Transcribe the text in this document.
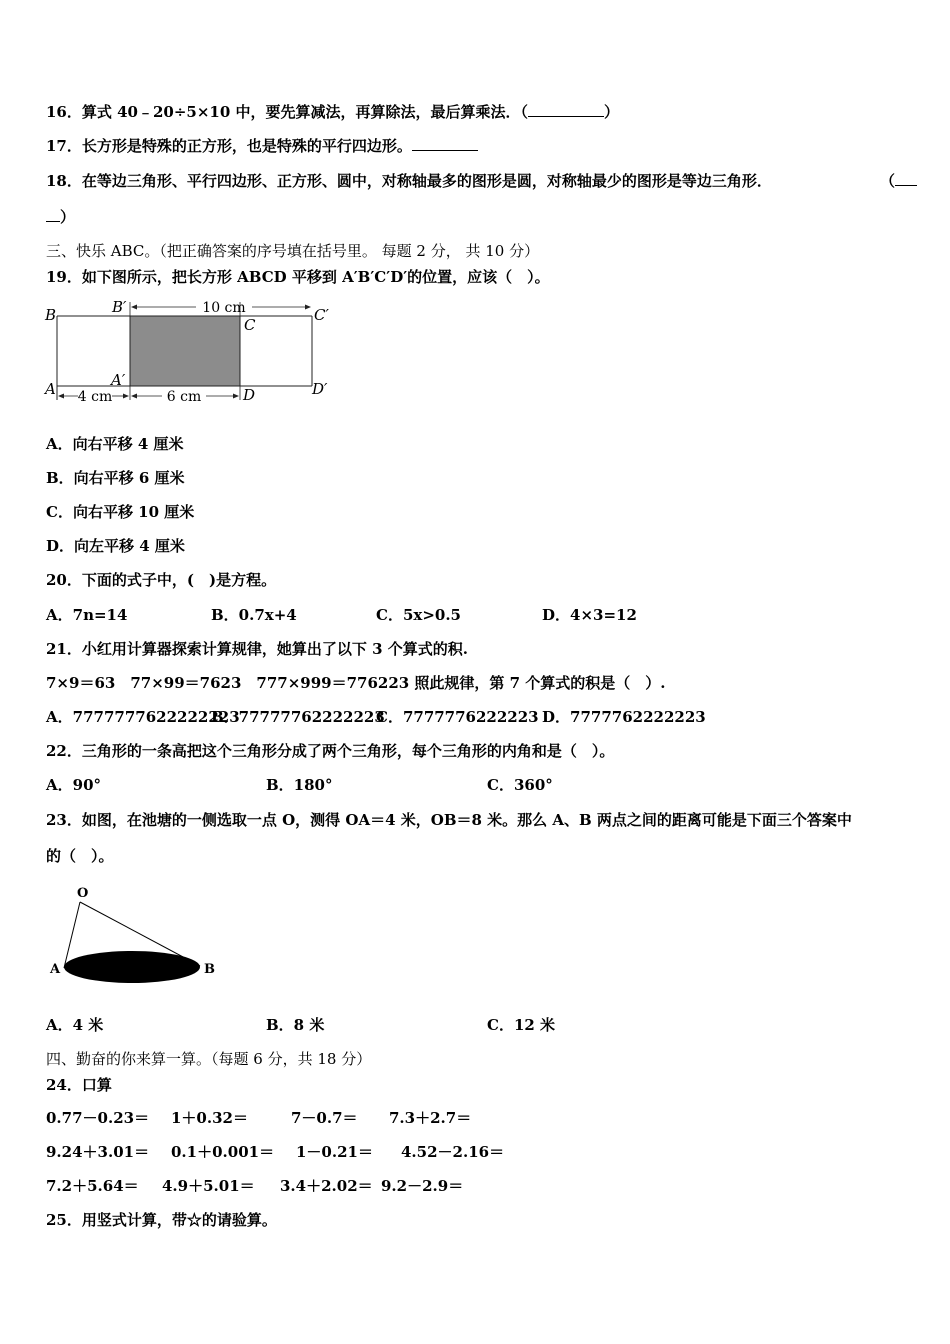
16．算式 40﹣20÷5×10 中，要先算减法，再算除法，最后算乘法．（	）
17．长方形是特殊的正方形，也是特殊的平行四边形。
18．在等边三角形、平行四边形、正方形、圆中，对称轴最多的图形是圆，对称轴最少的图形是等边三角形．	（
）
三、快乐 ABC。（把正确答案的序号填在括号里。 每题 2 分， 共 10 分）
19．如下图所示，把长方形 ABCD 平移到 A′B′C′D′的位置，应该（　）。
B	B′
C
C′
A	A′
D	D′
10 cm
4 cm	6 cm
A．向右平移 4 厘米
B．向右平移 6 厘米
C．向右平移 10 厘米
D．向左平移 4 厘米
20．下面的式子中，(　)是方程。
A．7n=14	B．0.7x+4	C．5x>0.5	D．4×3=12
21．小红用计算器探索计算规律，她算出了以下 3 个算式的积.
7×9＝63　77×99＝7623　777×999＝776223 照此规律，第 7 个算式的积是（　）.
A．7777777622222223
B．77777762222223
C．7777776222223 D．7777762222223
22．三角形的一条高把这个三角形分成了两个三角形，每个三角形的内角和是（　）。
A．90°	B．180°	C．360°
23．如图，在池塘的一侧选取一点 O，测得 OA＝4 米，OB＝8 米。那么 A、B 两点之间的距离可能是下面三个答案中
的（　）。
O
A	B
A．4 米	B．8 米	C．12 米
四、勤奋的你来算一算。（每题 6 分，共 18 分）
24．口算
0.77－0.23＝ 1＋0.32＝	7－0.7＝ 7.3＋2.7＝
9.24＋3.01＝ 0.1＋0.001＝ 1－0.21＝ 4.52－2.16＝
7.2＋5.64＝ 4.9＋5.01＝ 3.4＋2.02＝ 9.2－2.9＝
25．用竖式计算，带☆的请验算。
